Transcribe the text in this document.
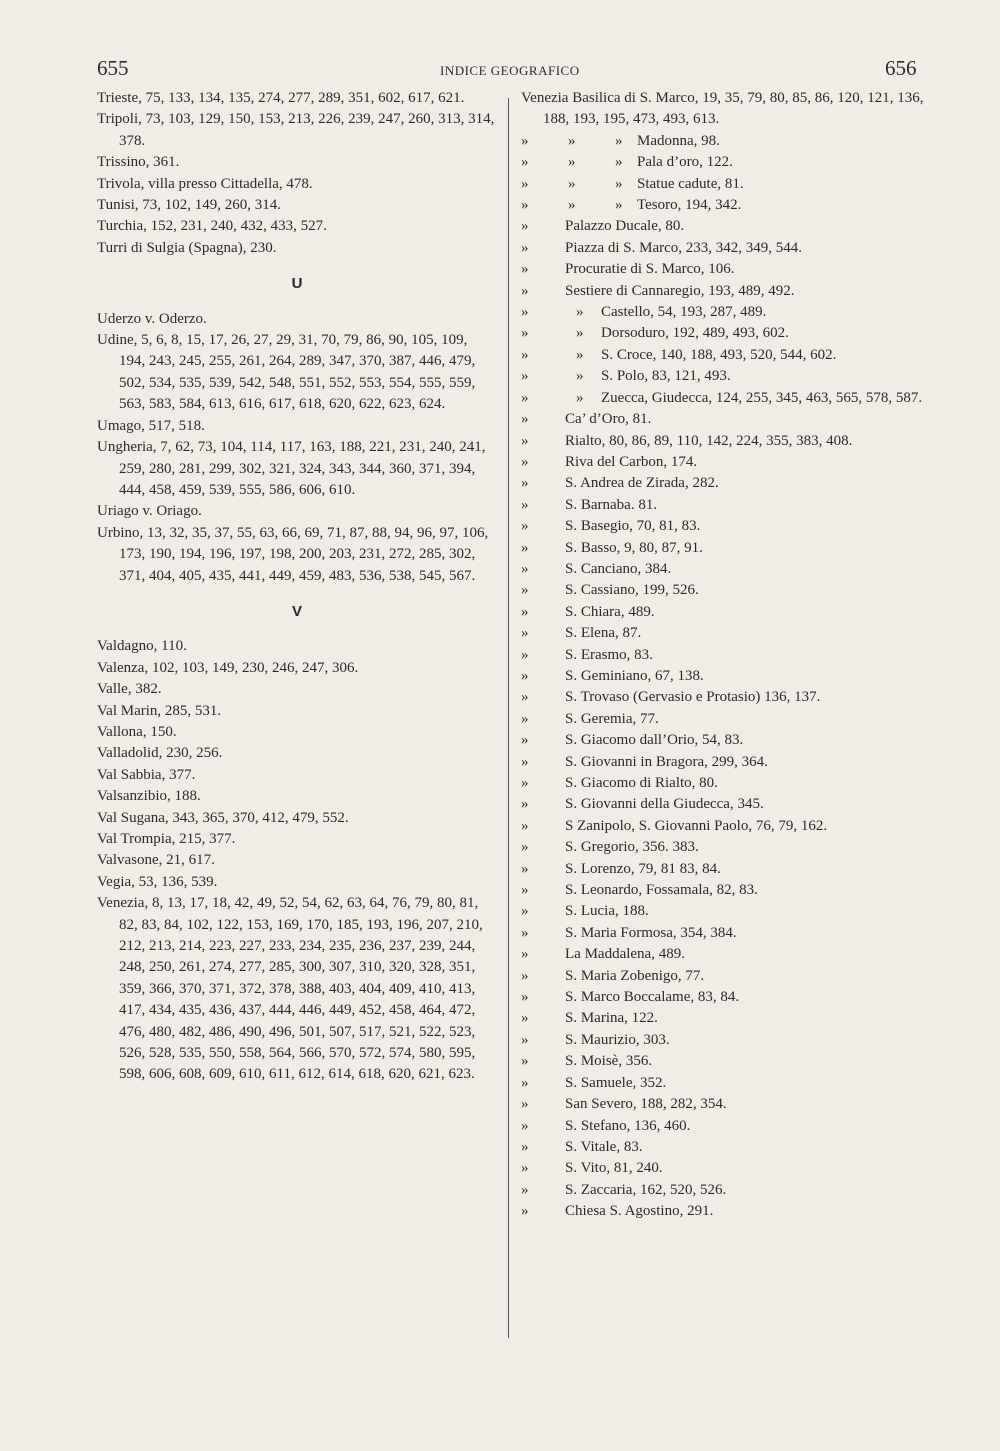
655	INDICE GEOGRAFICO	656

Trieste, 75, 133, 134, 135, 274, 277, 289, 351, 602, 617, 621.

Tripoli, 73, 103, 129, 150, 153, 213, 226, 239, 247, 260, 313, 314, 378.

Trissino, 361.

Trivola, villa presso Cittadella, 478.

Tunisi, 73, 102, 149, 260, 314.

Turchia, 152, 231, 240, 432, 433, 527.

Turri di Sulgia (Spagna), 230.

U

Uderzo v. Oderzo.

Udine, 5, 6, 8, 15, 17, 26, 27, 29, 31, 70, 79, 86, 90, 105, 109, 194, 243, 245, 255, 261, 264, 289, 347, 370, 387, 446, 479, 502, 534, 535, 539, 542, 548, 551, 552, 553, 554, 555, 559, 563, 583, 584, 613, 616, 617, 618, 620, 622, 623, 624.

Umago, 517, 518.

Ungheria, 7, 62, 73, 104, 114, 117, 163, 188, 221, 231, 240, 241, 259, 280, 281, 299, 302, 321, 324, 343, 344, 360, 371, 394, 444, 458, 459, 539, 555, 586, 606, 610.

Uriago v. Oriago.

Urbino, 13, 32, 35, 37, 55, 63, 66, 69, 71, 87, 88, 94, 96, 97, 106, 173, 190, 194, 196, 197, 198, 200, 203, 231, 272, 285, 302, 371, 404, 405, 435, 441, 449, 459, 483, 536, 538, 545, 567.

V

Valdagno, 110.

Valenza, 102, 103, 149, 230, 246, 247, 306.

Valle, 382.

Val Marin, 285, 531.

Vallona, 150.

Valladolid, 230, 256.

Val Sabbia, 377.

Valsanzibio, 188.

Val Sugana, 343, 365, 370, 412, 479, 552.

Val Trompia, 215, 377.

Valvasone, 21, 617.

Vegia, 53, 136, 539.

Venezia, 8, 13, 17, 18, 42, 49, 52, 54, 62, 63, 64, 76, 79, 80, 81, 82, 83, 84, 102, 122, 153, 169, 170, 185, 193, 196, 207, 210, 212, 213, 214, 223, 227, 233, 234, 235, 236, 237, 239, 244, 248, 250, 261, 274, 277, 285, 300, 307, 310, 320, 328, 351, 359, 366, 370, 371, 372, 378, 388, 403, 404, 409, 410, 413, 417, 434, 435, 436, 437, 444, 446, 449, 452, 458, 464, 472, 476, 480, 482, 486, 490, 496, 501, 507, 517, 521, 522, 523, 526, 528, 535, 550, 558, 564, 566, 570, 572, 574, 580, 595, 598, 606, 608, 609, 610, 611, 612, 614, 618, 620, 621, 623.

Venezia Basilica di S. Marco, 19, 35, 79, 80, 85, 86, 120, 121, 136, 188, 193, 195, 473, 493, 613.

»  »  » Madonna, 98.

»  »  » Pala d’oro, 122.

»  »  » Statue cadute, 81.

»  »  » Tesoro, 194, 342.

» Palazzo Ducale, 80.

» Piazza di S. Marco, 233, 342, 349, 544.

» Procuratie di S. Marco, 106.

» Sestiere di Cannaregio, 193, 489, 492.

»  » Castello, 54, 193, 287, 489.

»  » Dorsoduro, 192, 489, 493, 602.

»  » S. Croce, 140, 188, 493, 520, 544, 602.

»  » S. Polo, 83, 121, 493.

»  » Zuecca, Giudecca, 124, 255, 345, 463, 565, 578, 587.

» Ca’ d’Oro, 81.

» Rialto, 80, 86, 89, 110, 142, 224, 355, 383, 408.

» Riva del Carbon, 174.

» S. Andrea de Zirada, 282.

» S. Barnaba. 81.

» S. Basegio, 70, 81, 83.

» S. Basso, 9, 80, 87, 91.

» S. Canciano, 384.

» S. Cassiano, 199, 526.

» S. Chiara, 489.

» S. Elena, 87.

» S. Erasmo, 83.

» S. Geminiano, 67, 138.

» S. Trovaso (Gervasio e Protasio) 136, 137.

» S. Geremia, 77.

» S. Giacomo dall’Orio, 54, 83.

» S. Giovanni in Bragora, 299, 364.

» S. Giacomo di Rialto, 80.

» S. Giovanni della Giudecca, 345.

» S Zanipolo, S. Giovanni Paolo, 76, 79, 162.

» S. Gregorio, 356. 383.

» S. Lorenzo, 79, 81 83, 84.

» S. Leonardo, Fossamala, 82, 83.

» S. Lucia, 188.

» S. Maria Formosa, 354, 384.

» La Maddalena, 489.

» S. Maria Zobenigo, 77.

» S. Marco Boccalame, 83, 84.

» S. Marina, 122.

» S. Maurizio, 303.

» S. Moisè, 356.

» S. Samuele, 352.

» San Severo, 188, 282, 354.

» S. Stefano, 136, 460.

» S. Vitale, 83.

» S. Vito, 81, 240.

» S. Zaccaria, 162, 520, 526.

» Chiesa S. Agostino, 291.
